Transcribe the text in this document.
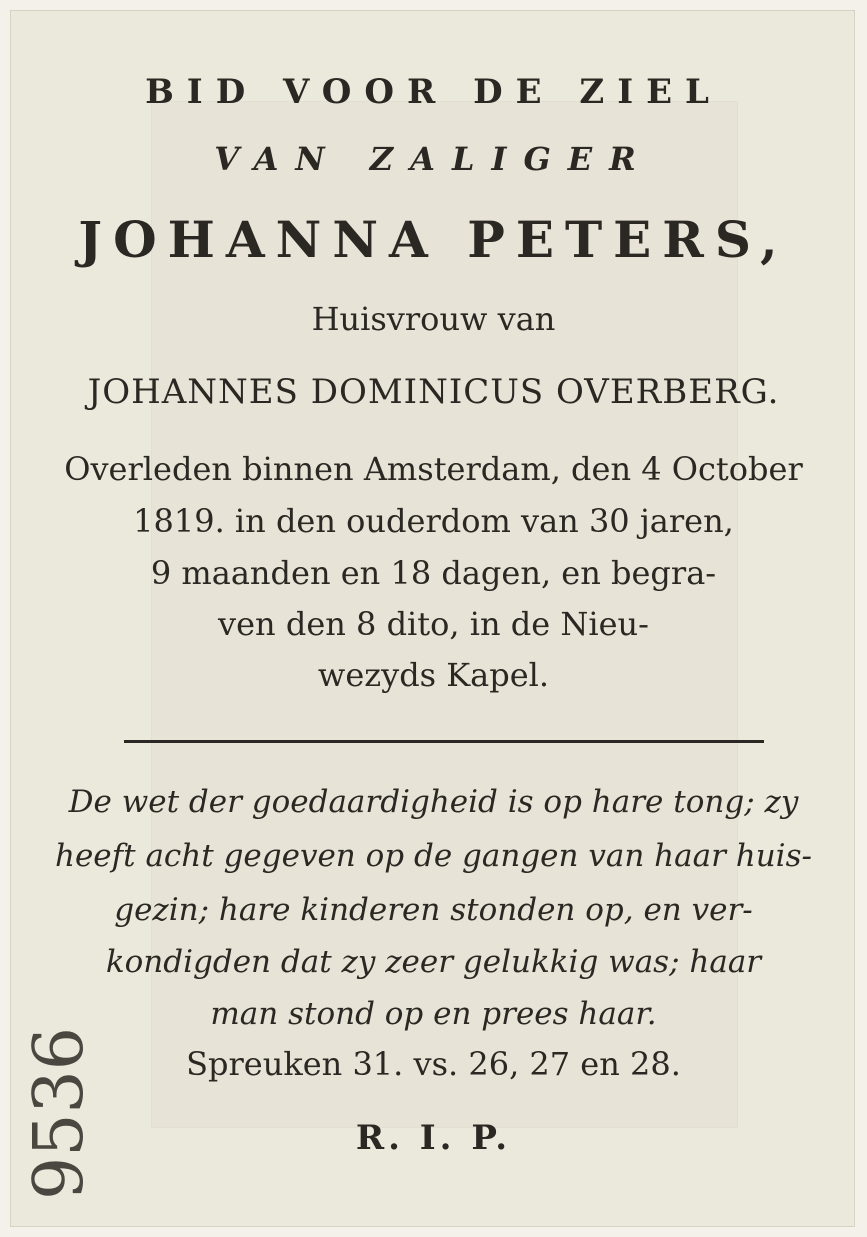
BID VOOR DE ZIEL
VAN ZALIGER
JOHANNA PETERS,
Huisvrouw van
JOHANNES DOMINICUS OVERBERG.
Overleden binnen Amsterdam, den 4 October
1819. in den ouderdom van 30 jaren,
9 maanden en 18 dagen, en begra-
ven den 8 dito, in de Nieu-
wezyds Kapel.
De wet der goedaardigheid is op hare tong; zy
heeft acht gegeven op de gangen van haar huis-
gezin; hare kinderen stonden op, en ver-
kondigden dat zy zeer gelukkig was; haar
man stond op en prees haar.
Spreuken 31. vs. 26, 27 en 28.
R. I. P.
9536
